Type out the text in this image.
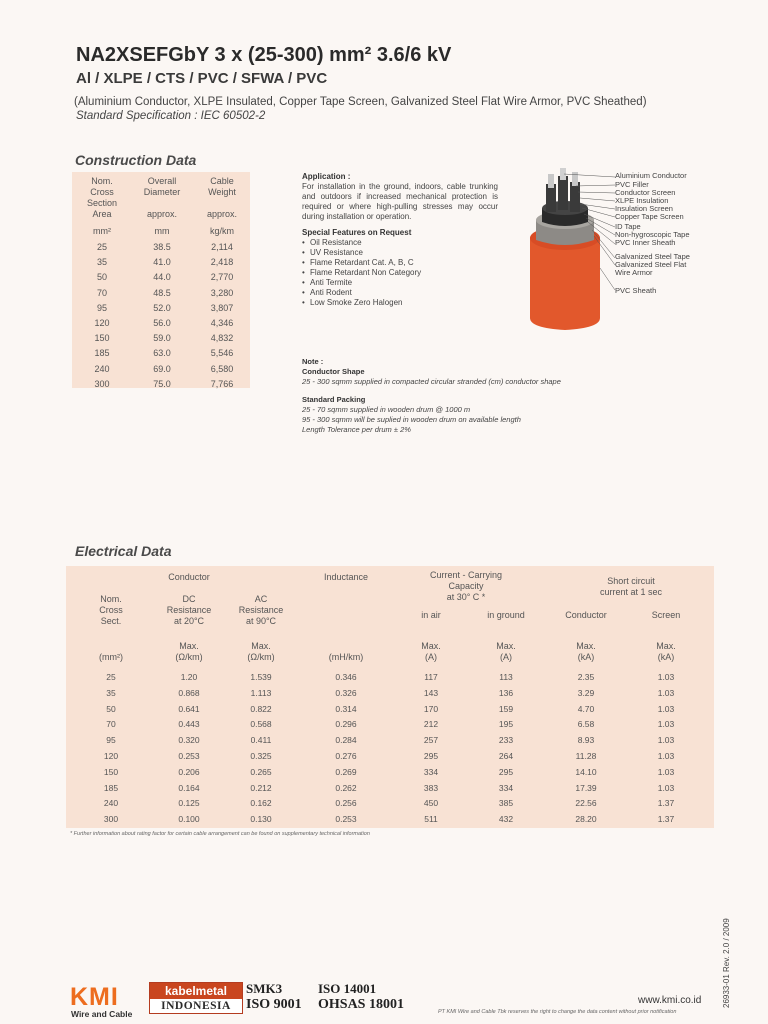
NA2XSEFGbY 3 x (25-300) mm² 3.6/6 kV
Al / XLPE / CTS / PVC / SFWA / PVC
(Aluminium Conductor, XLPE Insulated, Copper Tape Screen, Galvanized Steel Flat Wire Armor, PVC Sheathed)
Standard Specification : IEC 60502-2
Construction Data
Nom.
Cross
Section
Area
Overall
Diameter
Cable
Weight
approx.	approx.
mm²	mm	kg/km
25	38.5	2,114
35	41.0	2,418
50	44.0	2,770
70	48.5	3,280
95	52.0	3,807
120	56.0	4,346
150	59.0	4,832
185	63.0	5,546
240	69.0	6,580
300	75.0	7,766
Application :
For installation in the ground, indoors, cable trunking and outdoors if increased mechanical protection is required or where high-pulling stresses may occur during installation or operation.
Special Features on Request
• Oil Resistance
• UV Resistance
• Flame Retardant Cat. A, B, C
• Flame Retardant Non Category
• Anti Termite
• Anti Rodent
• Low Smoke Zero Halogen
Aluminium Conductor
PVC Filler
Conductor Screen
XLPE Insulation
Insulation Screen
Copper Tape Screen
ID Tape
Non-hygroscopic Tape
PVC Inner Sheath
Galvanized Steel Tape
Galvanized Steel Flat
Wire Armor
PVC Sheath
Note :
Conductor Shape
25 - 300 sqmm supplied in compacted circular stranded (cm) conductor shape
Standard Packing
25 - 70 sqmm supplied in wooden drum @ 1000 m
95 - 300 sqmm will be suplied in wooden drum on available length
Length Tolerance per drum ± 2%
Electrical Data
Conductor	Inductance	Current - Carrying
Capacity
at 30° C *
Short circuit
current at 1 sec
Nom.
Cross
Sect.
DC
Resistance
at 20°C
AC
Resistance
at 90°C
in air	in ground	Conductor	Screen
(mm²)
Max.
(Ω/km)
Max.
(Ω/km)	(mH/km)
Max.
(A)
Max.
(A)
Max.
(kA)
Max.
(kA)
25	1.20	1.539	0.346	117	113	2.35	1.03
35	0.868	1.113	0.326	143	136	3.29	1.03
50	0.641	0.822	0.314	170	159	4.70	1.03
70	0.443	0.568	0.296	212	195	6.58	1.03
95	0.320	0.411	0.284	257	233	8.93	1.03
120	0.253	0.325	0.276	295	264	11.28	1.03
150	0.206	0.265	0.269	334	295	14.10	1.03
185	0.164	0.212	0.262	383	334	17.39	1.03
240	0.125	0.162	0.256	450	385	22.56	1.37
300	0.100	0.130	0.253	511	432	28.20	1.37
* Further information about rating factor for certain cable arrangement can be found on supplementary technical information
26933-01 Rev. 2.0 / 2009
KMI
Wire and Cable
kabelmetal
INDONESIA
SMK3
ISO 9001
ISO 14001
OHSAS 18001	PT KMI Wire and Cable Tbk reserves the right to change the data content without prior notification
www.kmi.co.id
